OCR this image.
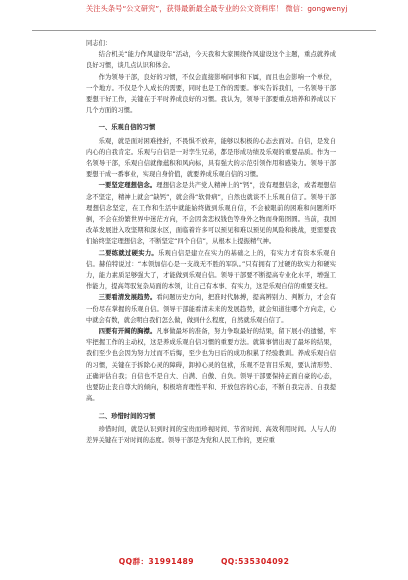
关注头条号“公文研究”，获得最新最全最专业的公文资料库！ 微信：gongwenyj

同志们：

结合机关“能力作风建设年”活动，今天我和大家围绕作风建设这个主题，重点就养成良好习惯，谈几点认识和体会。

作为领导干部，良好的习惯，不仅会直接影响同事和下属，而且也会影响一个单位，一个地方。不仅是个人成长的需要，同时也是工作的需要。事实告诉我们，一名领导干部要想干好工作，关键在于平时养成良好的习惯。我认为，领导干部要重点培养和养成以下几个方面的习惯。

一、乐观自信的习惯

乐观，就是面对困难挫折，不畏惧不放弃，能够以积极的心态去面对。自信，是发自内心的自我肯定。乐观与自信是一对孪生兄弟，都是形成功绩及乐观的重要品质。作为一名领导干部，乐观自信就像蕴积和风向标，具有强大的示范引领作用和感染力。领导干部要想干成一番事业，实现自身价值，就要养成乐观自信的习惯。

一要坚定理想信念。理想信念是共产党人精神上的“钙”，没有理想信念，或者理想信念不坚定，精神上就会“缺钙”，就会得“软骨病”，自然也就谈不上乐观自信了。领导干部理想信念坚定，在工作和生活中就能始终做到乐观自信，不会被眼前的困难和问题所吓倒，不会在纷繁世界中迷茫方向，不会因贪恋权钱色等身外之物而身陷囹圄。当前，我国改革发展进入攻坚期和深水区，面临着许多可以预见和难以预见的风险和挑战，更需要我们始终坚定理想信念，不断坚定“四个自信”，从根本上提振精气神。

二要练就过硬实力。乐观自信是建立在实力的基础之上的，有实力才有资本乐观自信。赫伯特说过：“本领加信心是一支战无不胜的军队。”只有拥有了过硬的软实力和硬实力，能力素质足够强大了，才能做到乐观自信。领导干部要不断提高专业化水平，增强工作能力，提高驾驭复杂局面的本领，让自己有本事、有实力，这是乐观自信的重要支柱。

三要看清发展趋势。看问题历史方向，把准时代脉搏，提高辨别力、判断力，才会有一份尽在掌握的乐观自信。领导干部能看清未来的发展趋势，就会知道往哪个方向走，心中就会有数，就会明白我们怎么做，做到什么程度，自然就乐观自信了。

四要有开阔的胸襟。凡事做最坏的准备，努力争取最好的结果，留下展小的遗憾，牢牢把握工作的主动权，这是养成乐观自信习惯的重要方法。就算事情出现了最坏的结果，我们至少也会因为努力过而不后悔，至少也为日后的成功积累了经验教训。养成乐观自信的习惯，关键在于拆除心灵的障碍，卸掉心灵的包袱，乐观不是盲目乐观，要认清形势、正确评估自我；自信也不是自大、自满、自傲、自负。领导干部要保持正面自豪的心态，也要防止丧自尊大的倾向，积极培育理性平和、开放包容的心态，不断自我完善、自我提高。

二、珍惜时间的习惯

珍惜时间，就是认识到时间的宝贵而珍视时间、节省时间、高效利用时间。人与人的差异关键在于对时间的态度。领导干部是为党和人民工作的，更应重

QQ群：31991489	QQ:535304092
